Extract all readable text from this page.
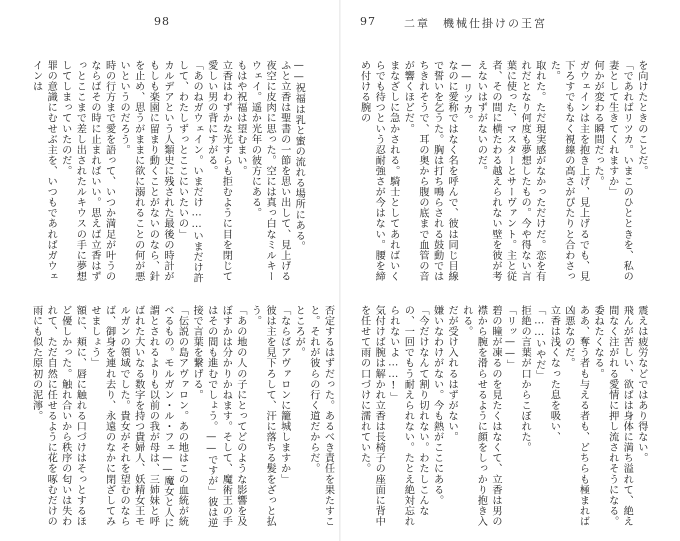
98
——祝福は乳と蜜の流れる場所にある。
ふと立香は聖書の一節を思い出して、見上げる夜空に皮肉に思った。空には真っ白なミルキーウェイ。遥か光年の彼方にある。
もはや祝福は望むまい。
立香はわずかな光すらも拒むように目を閉じて愛しい男の背にすがる。
「あのねガウェイン。いまだけ……いまだけ許して、わたしずっとここにいたいの」
カルデアという人類史に残された最後の時計がもしも楽園に留まり動くことがないのなら、針を止め、思うがままに欲に溺れることの何が悪いというのだろう。
時の行方まで愛を語って、いつか満足が叶うのならばその時に止まればいい。思えば立香はずっとここまで差し出されたルキウスの手に夢想してしまっていたのだ。
罪の意識にむせぶ主を、いつもであればガウェインは
否定するはずだった。あるべき責任を果たすこと。それが彼らの行く道だからだ。
ところが。
「ならばアヴァロンに籠城しますか」
彼は主を見下ろして、汗に落ちる髪をざっと払う。
「あの地の人の子にとってどのような影響を及ぼすかは分かりかねます。そして、魔術王の手はその間も進むでしょう。——ですが」彼は逆接で言葉を繋げる。
「伝説の島アヴァロン。あの地はこの血統が統べるもの。モルガン・ル・フェ——魔女と人に謂とされるよりも以前の我が母は、三姉妹と呼ばれた大いなる数字を持つ貴婦人、妖精女王モルガンの領域でした。貴女がそれを望むのならば、御身を連れ去り、永遠のなかに閉ざしてみせましょう」
額に、頬に、唇に触れる口づけはそっとするほど優しかった。触れ合いから秩序の匂いは失われて、ただ自然に任せるように花を啄むだけの雨にも似た原初の泥濘。
97	二章　機械仕掛けの王宮
を向けたときのことだ。
「であればリツカ。いまこのひとときを、私の妻として生きてくれますか」
何かが変わる瞬間だった。
ガウェインは主を抱き上げ、見上げるでも、見下ろすでもなく視線の高さがぴたりと合わさった。
取れた。ただ現実感がなかっただけだ。恋を有れだとなり何度も夢想したもの。今や得ない言葉に使った、マスターとサーヴァント。主と従者、その間に横たわる越えられない壁を彼が考えないはずがないのだ。
——リツカ。
なのに愛称ではなく名を呼んで、彼は同じ目線で誓いを乞うた。胸は打ち鳴らされる鼓動ではちきれそうで、耳の奥から腹の底まで血管の音が響くほどだ。
まなざしに急かされる。騎士としてあればいくらでも待つという忍耐強さが今はない。腰を締め付ける腕の
震えは疲労などではあり得ない。
飛んが苦しい、欲ばは身体に満ち溢れて、絶え間なく注がれる愛情に押し流されそうになる。委ねたくなる。
ああ、奪う者も与える者も、どちらも極まれば凶悪なのだ。
立香は浅くなった息を吸い、
「……いやだ」
拒絶の言葉が口からこぼれた。
「リッ——」
碧の瞳が凍るのを見たくはなくて、立香は男の襟から腕を滑らせるように顔をしっかり抱き入れる。
だが受け入れるはずがない。
嫌いなわけがない。今も熱がここにある。
「今だけなんて割り切れない。わたしこんなの、一回でもう耐えられない。たとえ絶対忘れられないよ……!」
気付けば腕は解かれ立香は長椅子の座面に背中を任せて雨の口づけに濡れていた。
